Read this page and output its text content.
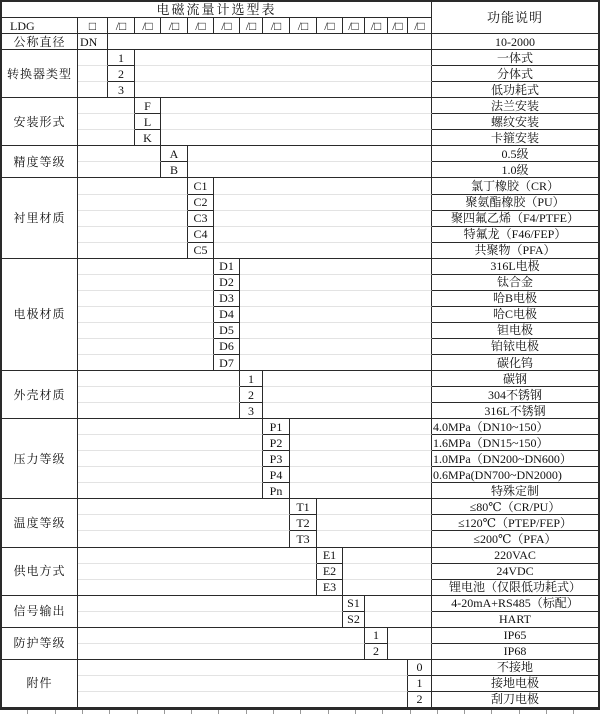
电磁流量计选型表
功能说明
LDG	□	/□	/□	/□	/□	/□	/□	/□	/□	/□	/□ /□ /□ /□
公称直径	DN	10-2000
转换器类型
1	一体式
2	分体式
3	低功耗式
安装形式
F	法兰安装
L	螺纹安装
K	卡箍安装
精度等级
A	0.5级
B	1.0级
衬里材质
C1	氯丁橡胶（CR）
C2	聚氨酯橡胶（PU）
C3	聚四氟乙烯（F4/PTFE）
C4	特氟龙（F46/FEP）
C5	共聚物（PFA）
电极材质
D1	316L电极
D2	钛合金
D3	哈B电极
D4	哈C电极
D5	钽电极
D6	铂铱电极
D7	碳化钨
外壳材质
1	碳钢
2	304不锈钢
3	316L不锈钢
压力等级
P1	4.0MPa（DN10~150）
P2	1.6MPa（DN15~150）
P3	1.0MPa（DN200~DN600）
P4	0.6MPa(DN700~DN2000)
Pn	特殊定制
温度等级
T1	≤80℃（CR/PU）
T2	≤120℃（PTEP/FEP）
T3	≤200℃（PFA）
供电方式
E1	220VAC
E2	24VDC
E3	锂电池（仅限低功耗式）
信号输出
S1	4-20mA+RS485（标配）
S2	HART
防护等级
1	IP65
2	IP68
附件
0	不接地
1	接地电极
2	刮刀电极
